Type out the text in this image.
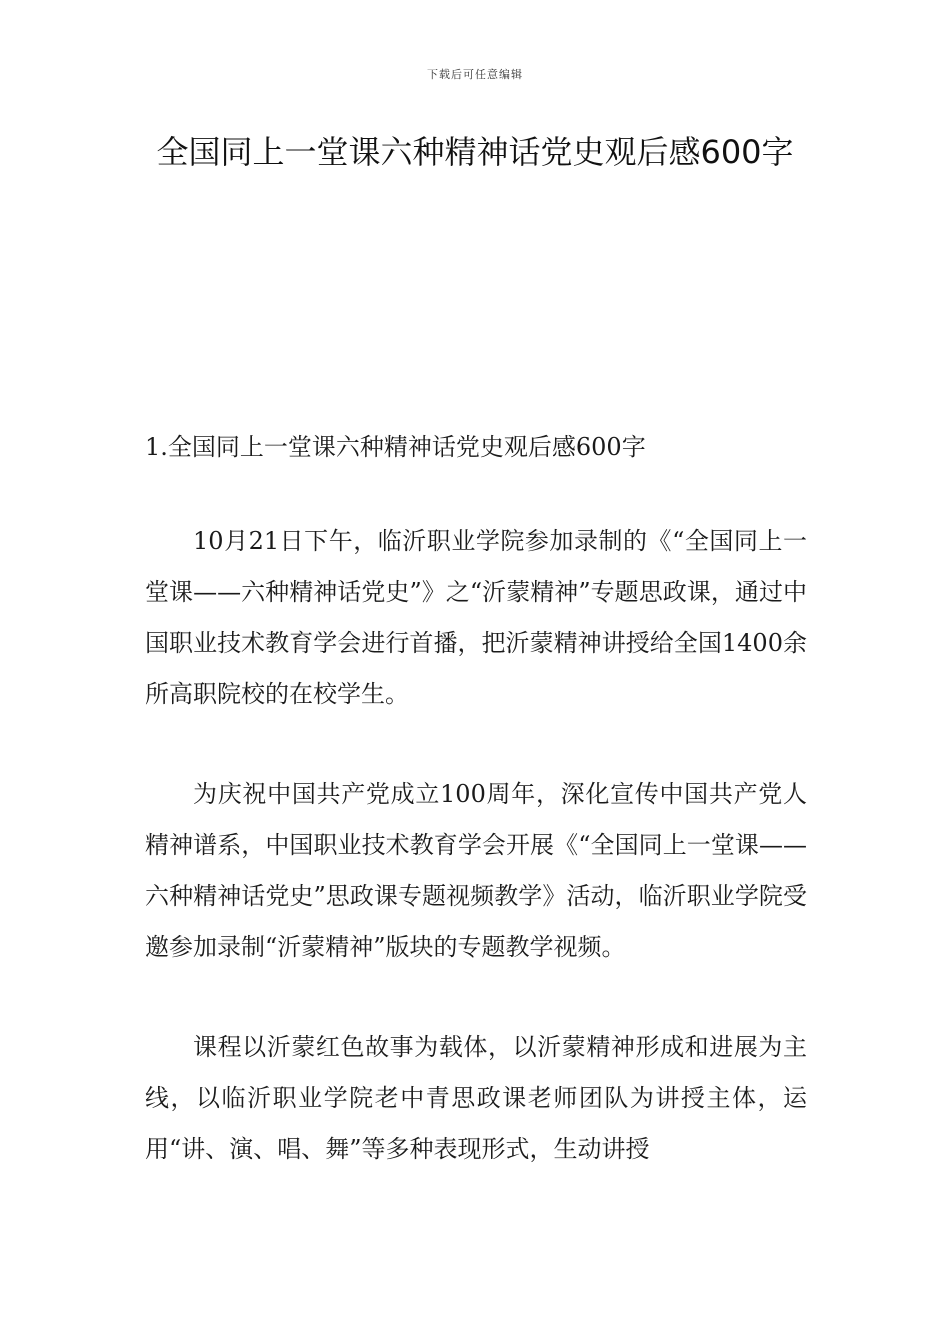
下载后可任意编辑
全国同上一堂课六种精神话党史观后感600字

1.全国同上一堂课六种精神话党史观后感600字

10月21日下午，临沂职业学院参加录制的《“全国同上一堂课——六种精神话党史”》之“沂蒙精神”专题思政课，通过中国职业技术教育学会进行首播，把沂蒙精神讲授给全国1400余所高职院校的在校学生。

为庆祝中国共产党成立100周年，深化宣传中国共产党人精神谱系，中国职业技术教育学会开展《“全国同上一堂课——六种精神话党史”思政课专题视频教学》活动，临沂职业学院受邀参加录制“沂蒙精神”版块的专题教学视频。

课程以沂蒙红色故事为载体，以沂蒙精神形成和进展为主线，以临沂职业学院老中青思政课老师团队为讲授主体，运用“讲、演、唱、舞”等多种表现形式，生动讲授
